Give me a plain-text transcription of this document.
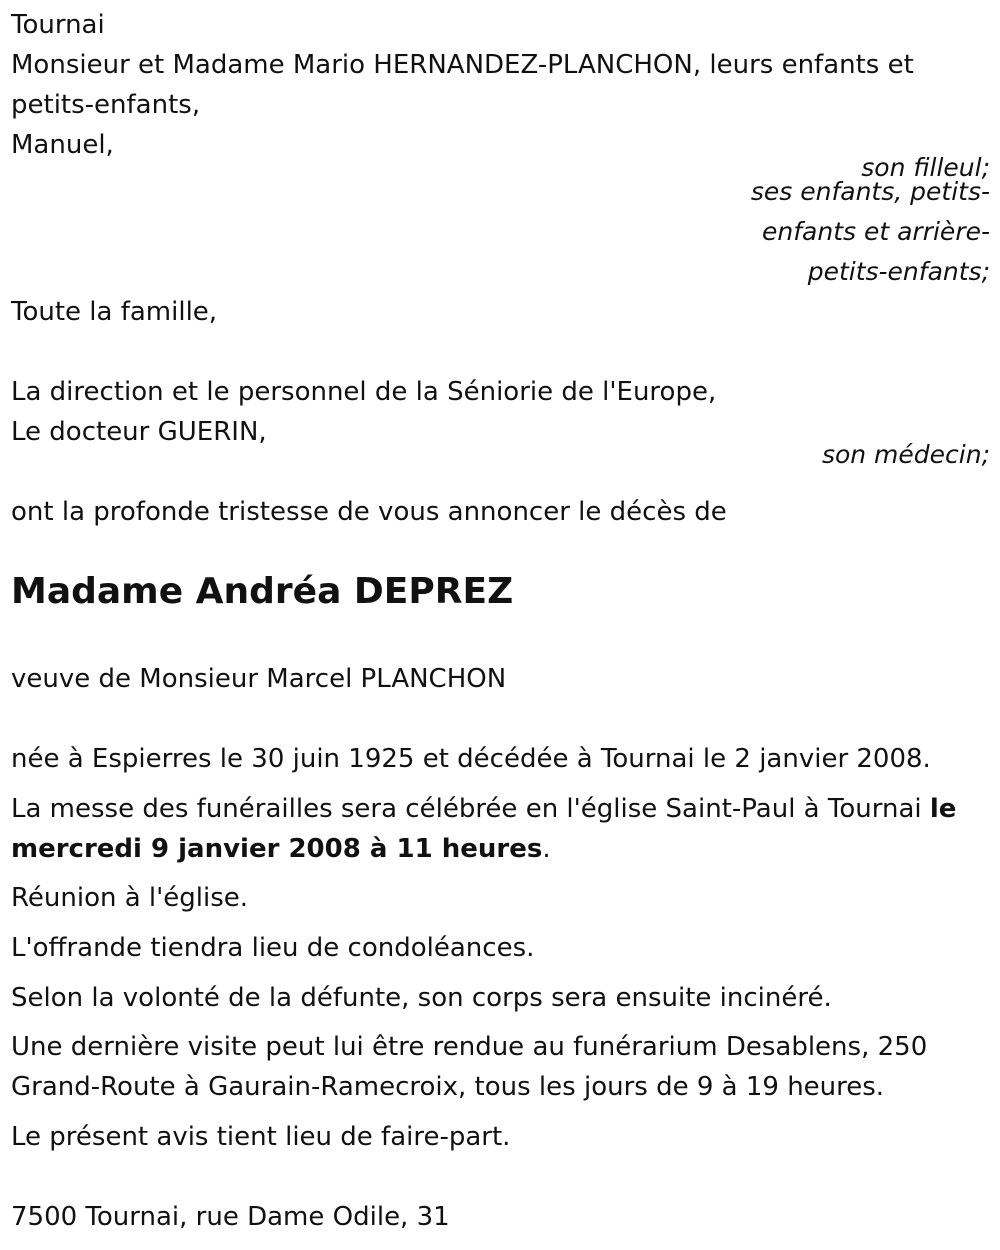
Tournai

Monsieur et Madame Mario HERNANDEZ-PLANCHON, leurs enfants et

petits-enfants,

Manuel,

son filleul;

ses enfants, petits-

enfants et arrière-

petits-enfants;

Toute la famille,

La direction et le personnel de la Séniorie de l'Europe,

Le docteur GUERIN,

son médecin;

ont la profonde tristesse de vous annoncer le décès de

Madame Andréa DEPREZ

veuve de Monsieur Marcel PLANCHON

née à Espierres le 30 juin 1925 et décédée à Tournai le 2 janvier 2008.

La messe des funérailles sera célébrée en l'église Saint-Paul à Tournai le

mercredi 9 janvier 2008 à 11 heures.

Réunion à l'église.

L'offrande tiendra lieu de condoléances.

Selon la volonté de la défunte, son corps sera ensuite incinéré.

Une dernière visite peut lui être rendue au funérarium Desablens, 250

Grand-Route à Gaurain-Ramecroix, tous les jours de 9 à 19 heures.

Le présent avis tient lieu de faire-part.

7500 Tournai, rue Dame Odile, 31
